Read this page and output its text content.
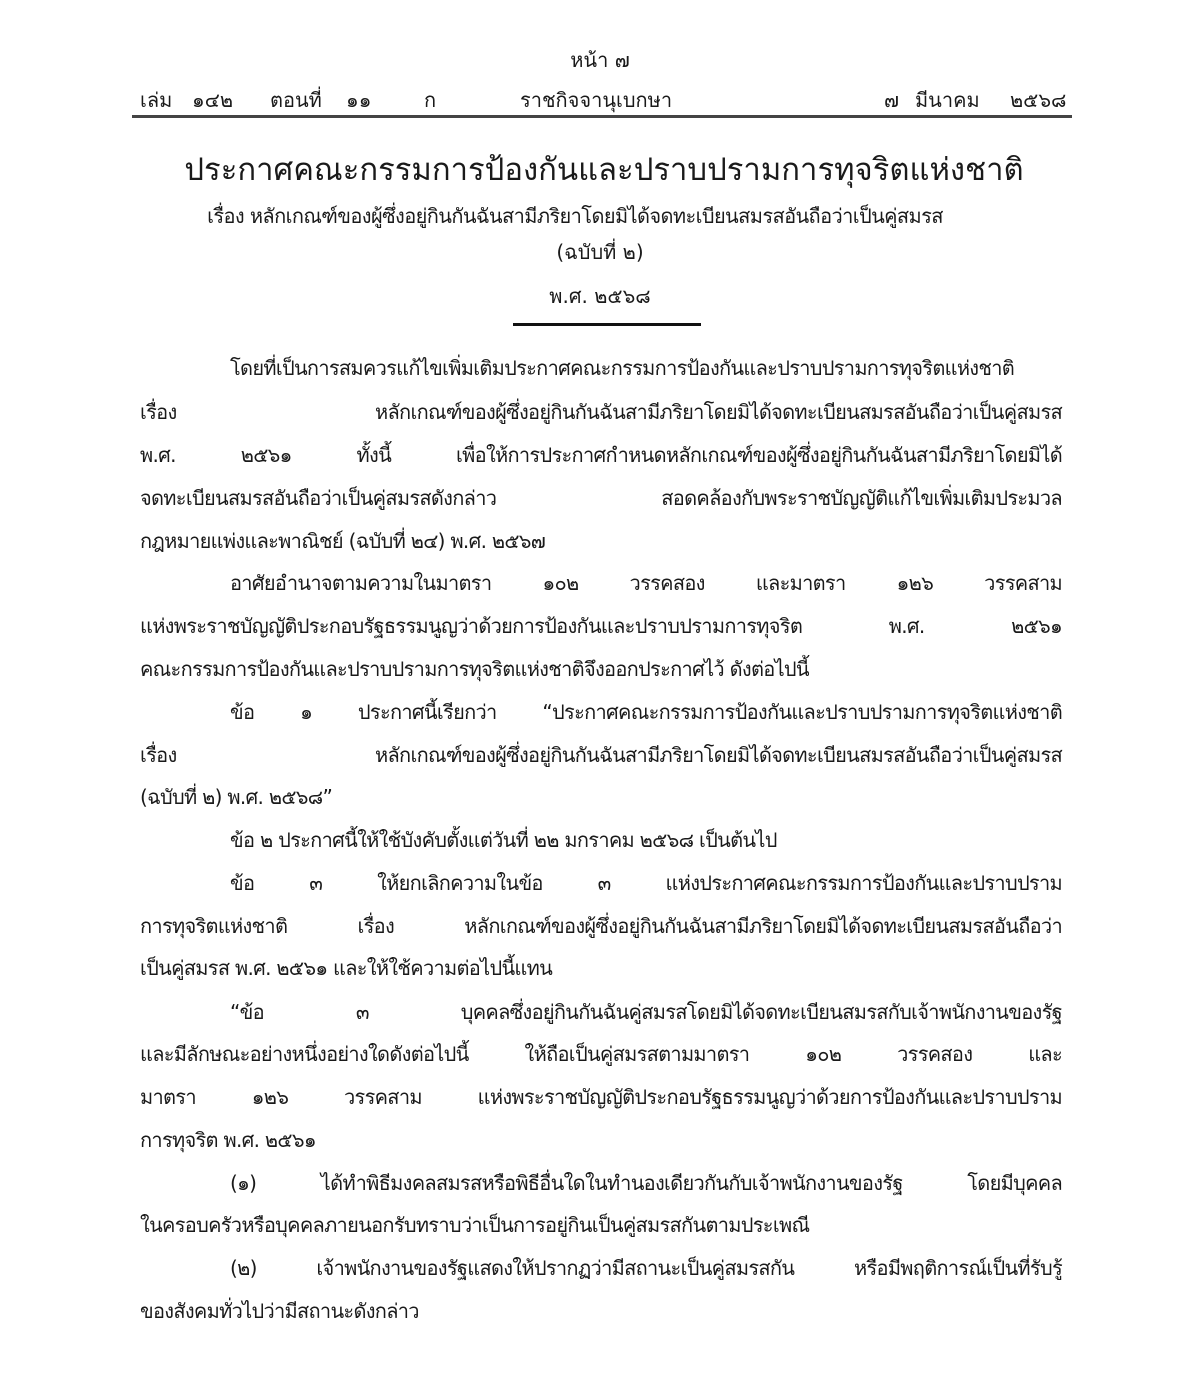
หน้า ๗
เล่ม ๑๔๒ ตอนที่ ๑๑	ก	ราชกิจจานุเบกษา	๗ มีนาคม ๒๕๖๘
ประกาศคณะกรรมการป้องกันและปราบปรามการทุจริตแห่งชาติ
เรื่อง หลักเกณฑ์ของผู้ซึ่งอยู่กินกันฉันสามีภริยาโดยมิได้จดทะเบียนสมรสอันถือว่าเป็นคู่สมรส
(ฉบับที่ ๒)
พ.ศ. ๒๕๖๘
โดยที่เป็นการสมควรแก้ไขเพิ่มเติมประกาศคณะกรรมการป้องกันและปราบปรามการทุจริตแห่งชาติ
เรื่อง หลักเกณฑ์ของผู้ซึ่งอยู่กินกันฉันสามีภริยาโดยมิได้จดทะเบียนสมรสอันถือว่าเป็นคู่สมรส
พ.ศ. ๒๕๖๑ ทั้งนี้ เพื่อให้การประกาศกำหนดหลักเกณฑ์ของผู้ซึ่งอยู่กินกันฉันสามีภริยาโดยมิได้
จดทะเบียนสมรสอันถือว่าเป็นคู่สมรสดังกล่าว สอดคล้องกับพระราชบัญญัติแก้ไขเพิ่มเติมประมวล
กฎหมายแพ่งและพาณิชย์ (ฉบับที่ ๒๔) พ.ศ. ๒๕๖๗
อาศัยอำนาจตามความในมาตรา ๑๐๒ วรรคสอง และมาตรา ๑๒๖ วรรคสาม
แห่งพระราชบัญญัติประกอบรัฐธรรมนูญว่าด้วยการป้องกันและปราบปรามการทุจริต พ.ศ. ๒๕๖๑
คณะกรรมการป้องกันและปราบปรามการทุจริตแห่งชาติจึงออกประกาศไว้ ดังต่อไปนี้
ข้อ ๑ ประกาศนี้เรียกว่า “ประกาศคณะกรรมการป้องกันและปราบปรามการทุจริตแห่งชาติ
เรื่อง หลักเกณฑ์ของผู้ซึ่งอยู่กินกันฉันสามีภริยาโดยมิได้จดทะเบียนสมรสอันถือว่าเป็นคู่สมรส
(ฉบับที่ ๒) พ.ศ. ๒๕๖๘”
ข้อ ๒ ประกาศนี้ให้ใช้บังคับตั้งแต่วันที่ ๒๒ มกราคม ๒๕๖๘ เป็นต้นไป
ข้อ ๓ ให้ยกเลิกความในข้อ ๓ แห่งประกาศคณะกรรมการป้องกันและปราบปราม
การทุจริตแห่งชาติ เรื่อง หลักเกณฑ์ของผู้ซึ่งอยู่กินกันฉันสามีภริยาโดยมิได้จดทะเบียนสมรสอันถือว่า
เป็นคู่สมรส พ.ศ. ๒๕๖๑ และให้ใช้ความต่อไปนี้แทน
“ข้อ ๓ บุคคลซึ่งอยู่กินกันฉันคู่สมรสโดยมิได้จดทะเบียนสมรสกับเจ้าพนักงานของรัฐ
และมีลักษณะอย่างหนึ่งอย่างใดดังต่อไปนี้ ให้ถือเป็นคู่สมรสตามมาตรา ๑๐๒ วรรคสอง และ
มาตรา ๑๒๖ วรรคสาม แห่งพระราชบัญญัติประกอบรัฐธรรมนูญว่าด้วยการป้องกันและปราบปราม
การทุจริต พ.ศ. ๒๕๖๑
(๑) ได้ทำพิธีมงคลสมรสหรือพิธีอื่นใดในทำนองเดียวกันกับเจ้าพนักงานของรัฐ โดยมีบุคคล
ในครอบครัวหรือบุคคลภายนอกรับทราบว่าเป็นการอยู่กินเป็นคู่สมรสกันตามประเพณี
(๒) เจ้าพนักงานของรัฐแสดงให้ปรากฏว่ามีสถานะเป็นคู่สมรสกัน หรือมีพฤติการณ์เป็นที่รับรู้
ของสังคมทั่วไปว่ามีสถานะดังกล่าว
